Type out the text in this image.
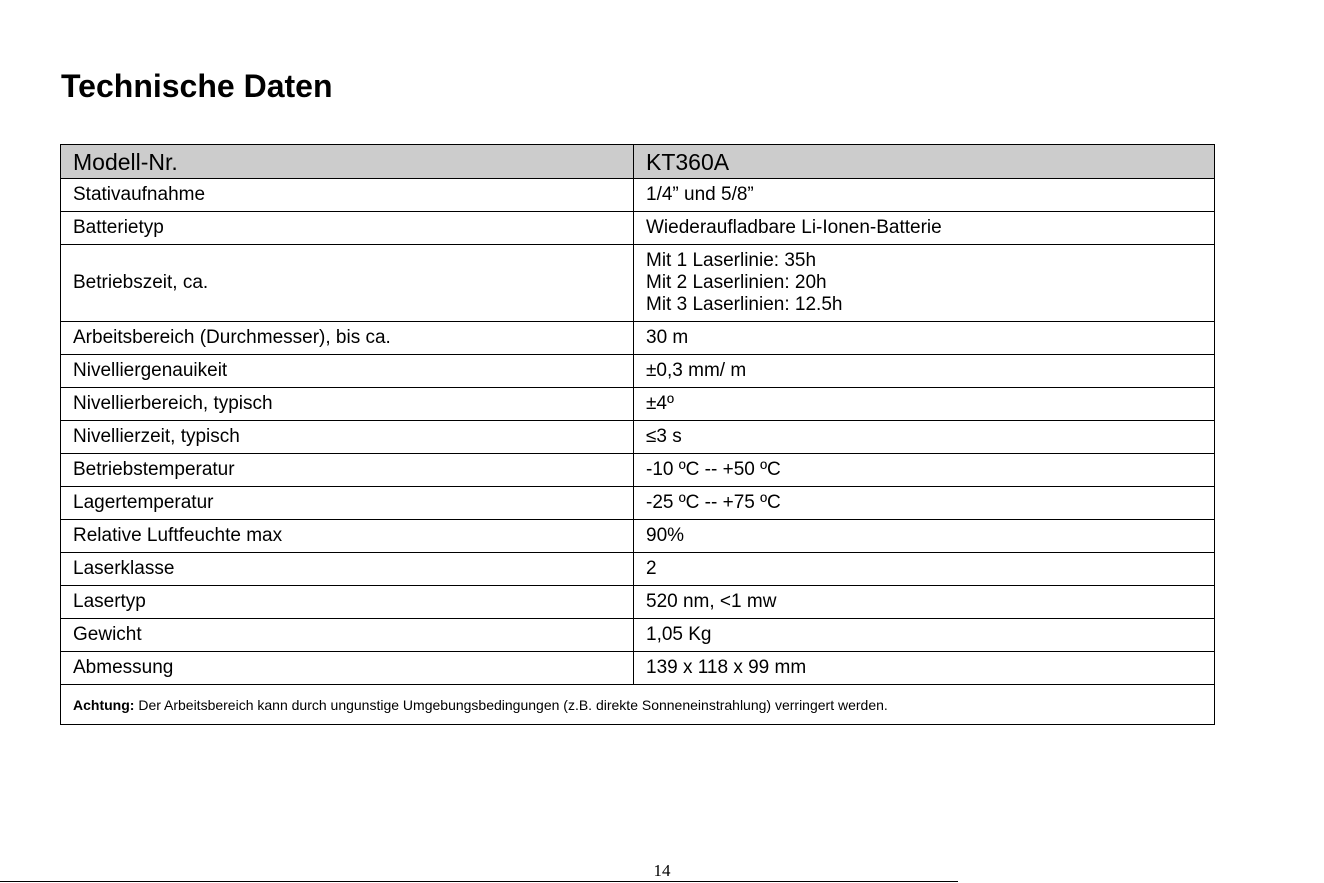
Technische Daten
Modell-Nr.	KT360A
Stativaufnahme	1/4” und 5/8”
Batterietyp	Wiederaufladbare Li-Ionen-Batterie
Betriebszeit, ca.	Mit 1 Laserlinie: 35h
Mit 2 Laserlinien: 20h
Mit 3 Laserlinien: 12.5h

Arbeitsbereich (Durchmesser), bis ca.	30 m
Nivelliergenauikeit	±0,3 mm/ m
Nivellierbereich, typisch	±4º
Nivellierzeit, typisch	≤3 s
Betriebstemperatur	-10 ºC -- +50 ºC
Lagertemperatur	-25 ºC -- +75 ºC
Relative Luftfeuchte max	90%
Laserklasse	2
Lasertyp	520 nm, <1 mw
Gewicht	1,05 Kg
Abmessung	139 x 118 x 99 mm
Achtung: Der Arbeitsbereich kann durch ungunstige Umgebungsbedingungen (z.B. direkte Sonneneinstrahlung) verringert werden.	
14
